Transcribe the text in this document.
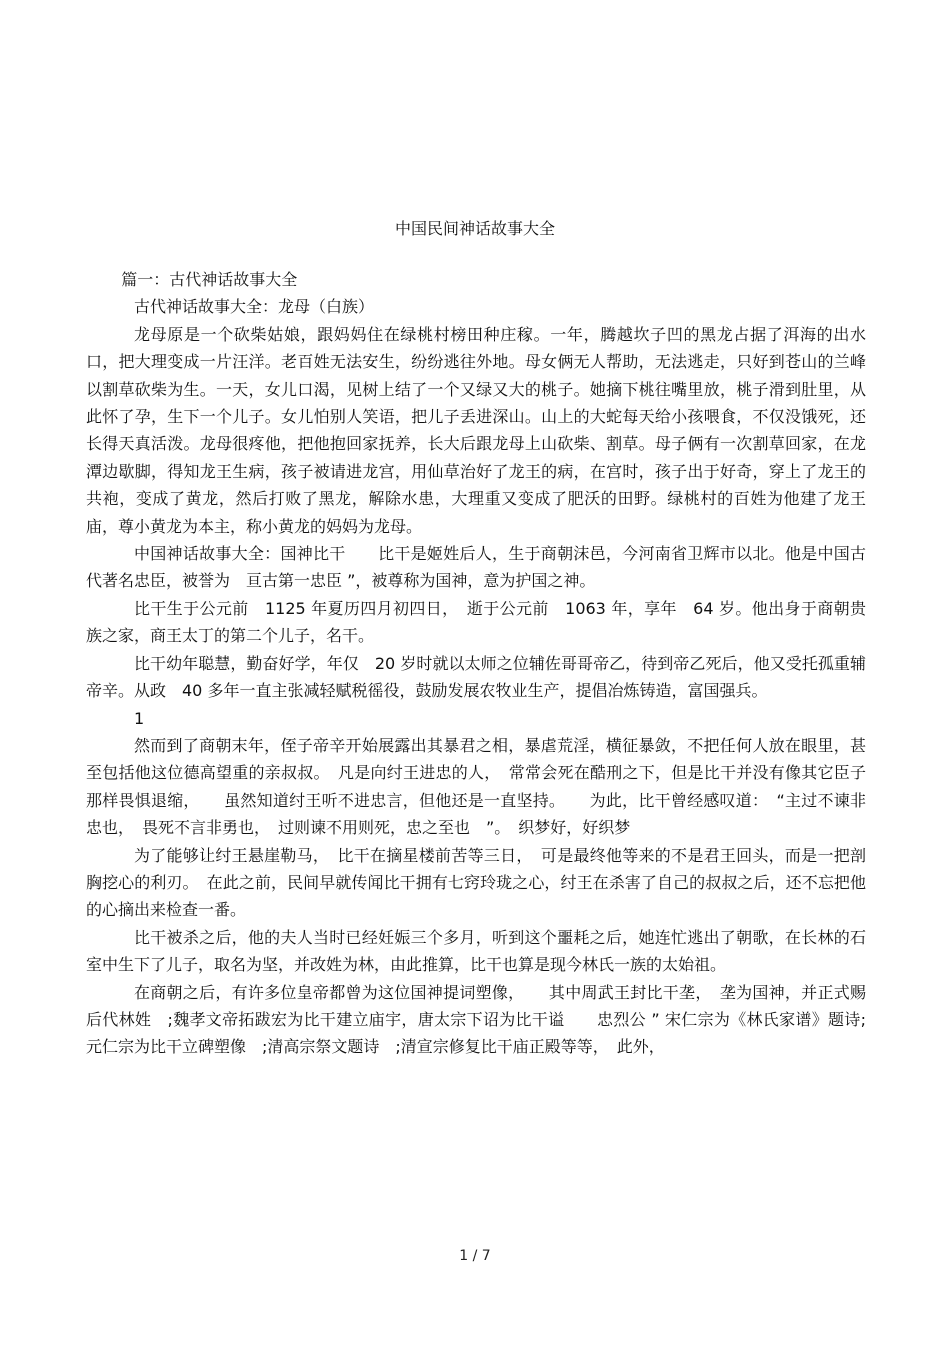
中国民间神话故事大全

篇一：古代神话故事大全

古代神话故事大全：龙母（白族）

龙母原是一个砍柴姑娘，跟妈妈住在绿桃村榜田种庄稼。一年，腾越坎子凹的黑龙占据了洱海的出水口，把大理变成一片汪洋。老百姓无法安生，纷纷逃往外地。母女俩无人帮助，无法逃走，只好到苍山的兰峰以割草砍柴为生。一天，女儿口渴，见树上结了一个又绿又大的桃子。她摘下桃往嘴里放，桃子滑到肚里，从此怀了孕，生下一个儿子。女儿怕别人笑语，把儿子丢进深山。山上的大蛇每天给小孩喂食，不仅没饿死，还长得天真活泼。龙母很疼他，把他抱回家抚养，长大后跟龙母上山砍柴、割草。母子俩有一次割草回家，在龙潭边歇脚，得知龙王生病，孩子被请进龙宫，用仙草治好了龙王的病，在宫时，孩子出于好奇，穿上了龙王的共袍，变成了黄龙，然后打败了黑龙，解除水患，大理重又变成了肥沃的田野。绿桃村的百姓为他建了龙王庙，尊小黄龙为本主，称小黄龙的妈妈为龙母。

中国神话故事大全：国神比干　　比干是姬姓后人，生于商朝沫邑，今河南省卫辉市以北。他是中国古代著名忠臣，被誉为　亘古第一忠臣 ”，被尊称为国神，意为护国之神。

比干生于公元前　1125 年夏历四月初四日，　逝于公元前　1063 年，享年　64 岁。他出身于商朝贵族之家，商王太丁的第二个儿子，名干。

比干幼年聪慧，勤奋好学，年仅　20 岁时就以太师之位辅佐哥哥帝乙，待到帝乙死后，他又受托孤重辅帝辛。从政　40 多年一直主张减轻赋税徭役，鼓励发展农牧业生产，提倡冶炼铸造，富国强兵。

1

然而到了商朝末年，侄子帝辛开始展露出其暴君之相，暴虐荒淫，横征暴敛，不把任何人放在眼里，甚至包括他这位德高望重的亲叔叔。　凡是向纣王进忠的人，　常常会死在酷刑之下，但是比干并没有像其它臣子那样畏惧退缩，　　虽然知道纣王听不进忠言，但他还是一直坚持。　　为此，比干曾经感叹道：　“主过不谏非忠也，　畏死不言非勇也，　过则谏不用则死，忠之至也　”。　织梦好，好织梦

为了能够让纣王悬崖勒马，　比干在摘星楼前苦等三日，　可是最终他等来的不是君王回头，而是一把剖胸挖心的利刃。　在此之前，民间早就传闻比干拥有七窍玲珑之心，纣王在杀害了自己的叔叔之后，还不忘把他的心摘出来检查一番。

比干被杀之后，他的夫人当时已经妊娠三个多月，听到这个噩耗之后，她连忙逃出了朝歌，在长林的石室中生下了儿子，取名为坚，并改姓为林，由此推算，比干也算是现今林氏一族的太始祖。

在商朝之后，有许多位皇帝都曾为这位国神提词塑像，　　其中周武王封比干垄，　垄为国神，并正式赐后代林姓　;魏孝文帝拓跋宏为比干建立庙宇，唐太宗下诏为比干谥　　忠烈公 ” 宋仁宗为《林氏家谱》题诗;元仁宗为比干立碑塑像　;清高宗祭文题诗　;清宣宗修复比干庙正殿等等，　此外，

1 / 7
